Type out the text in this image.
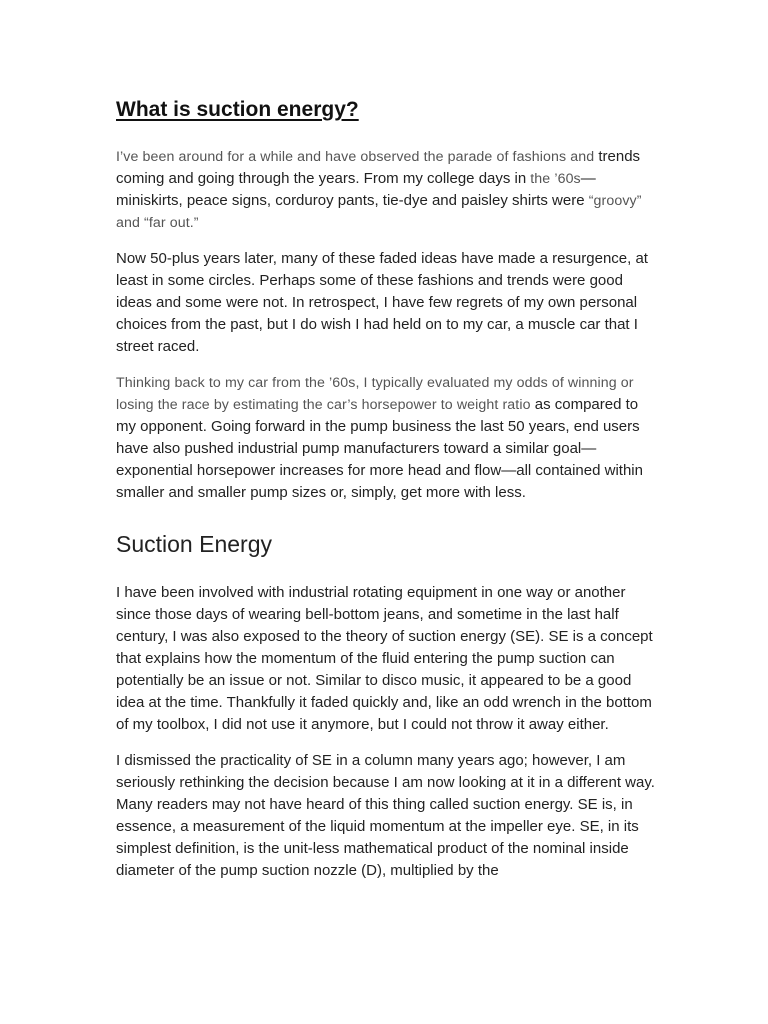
What is suction energy?

I’ve been around for a while and have observed the parade of fashions and trends coming and going through the years. From my college days in the ’60s—miniskirts, peace signs, corduroy pants, tie-dye and paisley shirts were “groovy” and “far out.”

Now 50-plus years later, many of these faded ideas have made a resurgence, at least in some circles. Perhaps some of these fashions and trends were good ideas and some were not. In retrospect, I have few regrets of my own personal choices from the past, but I do wish I had held on to my car, a muscle car that I street raced.

Thinking back to my car from the ’60s, I typically evaluated my odds of winning or losing the race by estimating the car’s horsepower to weight ratio as compared to my opponent. Going forward in the pump business the last 50 years, end users have also pushed industrial pump manufacturers toward a similar goal—exponential horsepower increases for more head and flow—all contained within smaller and smaller pump sizes or, simply, get more with less.

Suction Energy

I have been involved with industrial rotating equipment in one way or another since those days of wearing bell-bottom jeans, and sometime in the last half century, I was also exposed to the theory of suction energy (SE). SE is a concept that explains how the momentum of the fluid entering the pump suction can potentially be an issue or not. Similar to disco music, it appeared to be a good idea at the time. Thankfully it faded quickly and, like an odd wrench in the bottom of my toolbox, I did not use it anymore, but I could not throw it away either.

I dismissed the practicality of SE in a column many years ago; however, I am seriously rethinking the decision because I am now looking at it in a different way. Many readers may not have heard of this thing called suction energy. SE is, in essence, a measurement of the liquid momentum at the impeller eye. SE, in its simplest definition, is the unit-less mathematical product of the nominal inside diameter of the pump suction nozzle (D), multiplied by the
